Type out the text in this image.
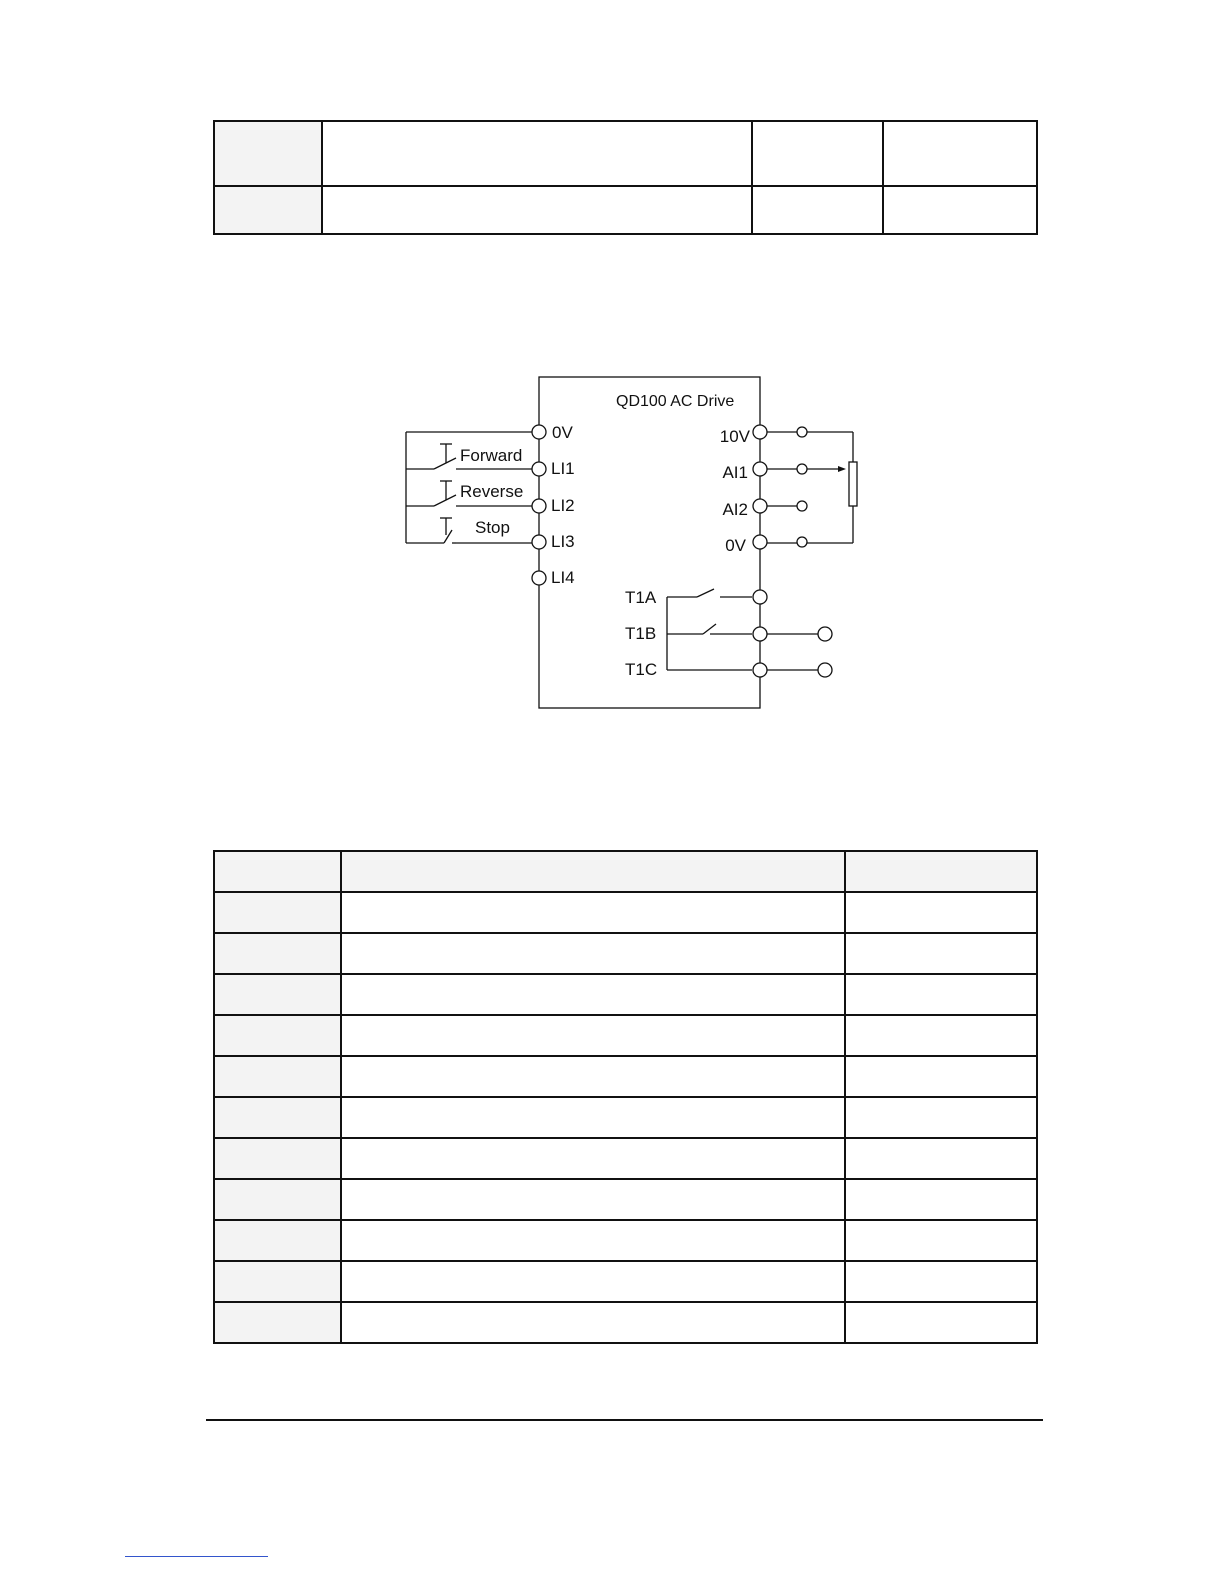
QD100 AC Drive
Forward
Reverse
Stop
0V
LI1
LI2
LI3
LI4
10V
AI1
AI2
0V
T1A
T1B
T1C
